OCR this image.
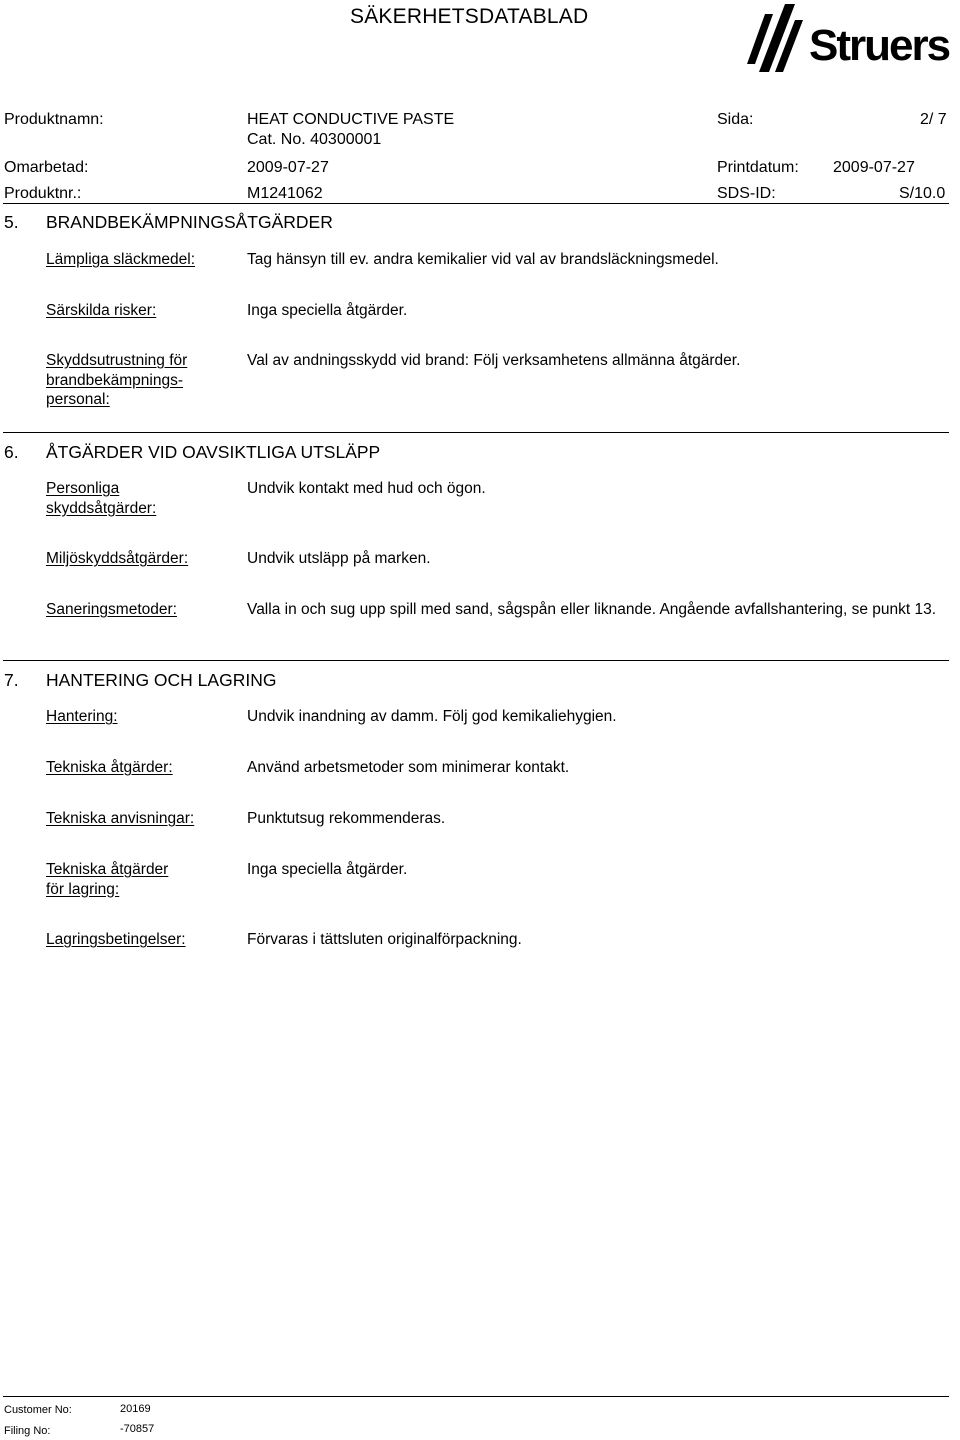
SÄKERHETSDATABLAD
Struers
Produktnamn:	HEAT CONDUCTIVE PASTE
Cat. No. 40300001
Sida:	2/ 7
Omarbetad:	2009-07-27	Printdatum: 2009-07-27
Produktnr.:	M1241062	SDS-ID:	S/10.0
5. BRANDBEKÄMPNINGSÅTGÄRDER
Lämpliga släckmedel:	Tag hänsyn till ev. andra kemikalier vid val av brandsläckningsmedel.
Särskilda risker:	Inga speciella åtgärder.
Skyddsutrustning för
brandbekämpnings-
personal:
Val av andningsskydd vid brand: Följ verksamhetens allmänna åtgärder.
6. ÅTGÄRDER VID OAVSIKTLIGA UTSLÄPP
Personliga
skyddsåtgärder:
Undvik kontakt med hud och ögon.
Miljöskyddsåtgärder:	Undvik utsläpp på marken.
Saneringsmetoder:	Valla in och sug upp spill med sand, sågspån eller liknande. Angående avfallshantering, se punkt 13.
7. HANTERING OCH LAGRING
Hantering:	Undvik inandning av damm. Följ god kemikaliehygien.
Tekniska åtgärder:	Använd arbetsmetoder som minimerar kontakt.
Tekniska anvisningar:	Punktutsug rekommenderas.
Tekniska åtgärder
för lagring:
Inga speciella åtgärder.
Lagringsbetingelser:	Förvaras i tättsluten originalförpackning.
Customer No:	20169
Filing No:	-70857
